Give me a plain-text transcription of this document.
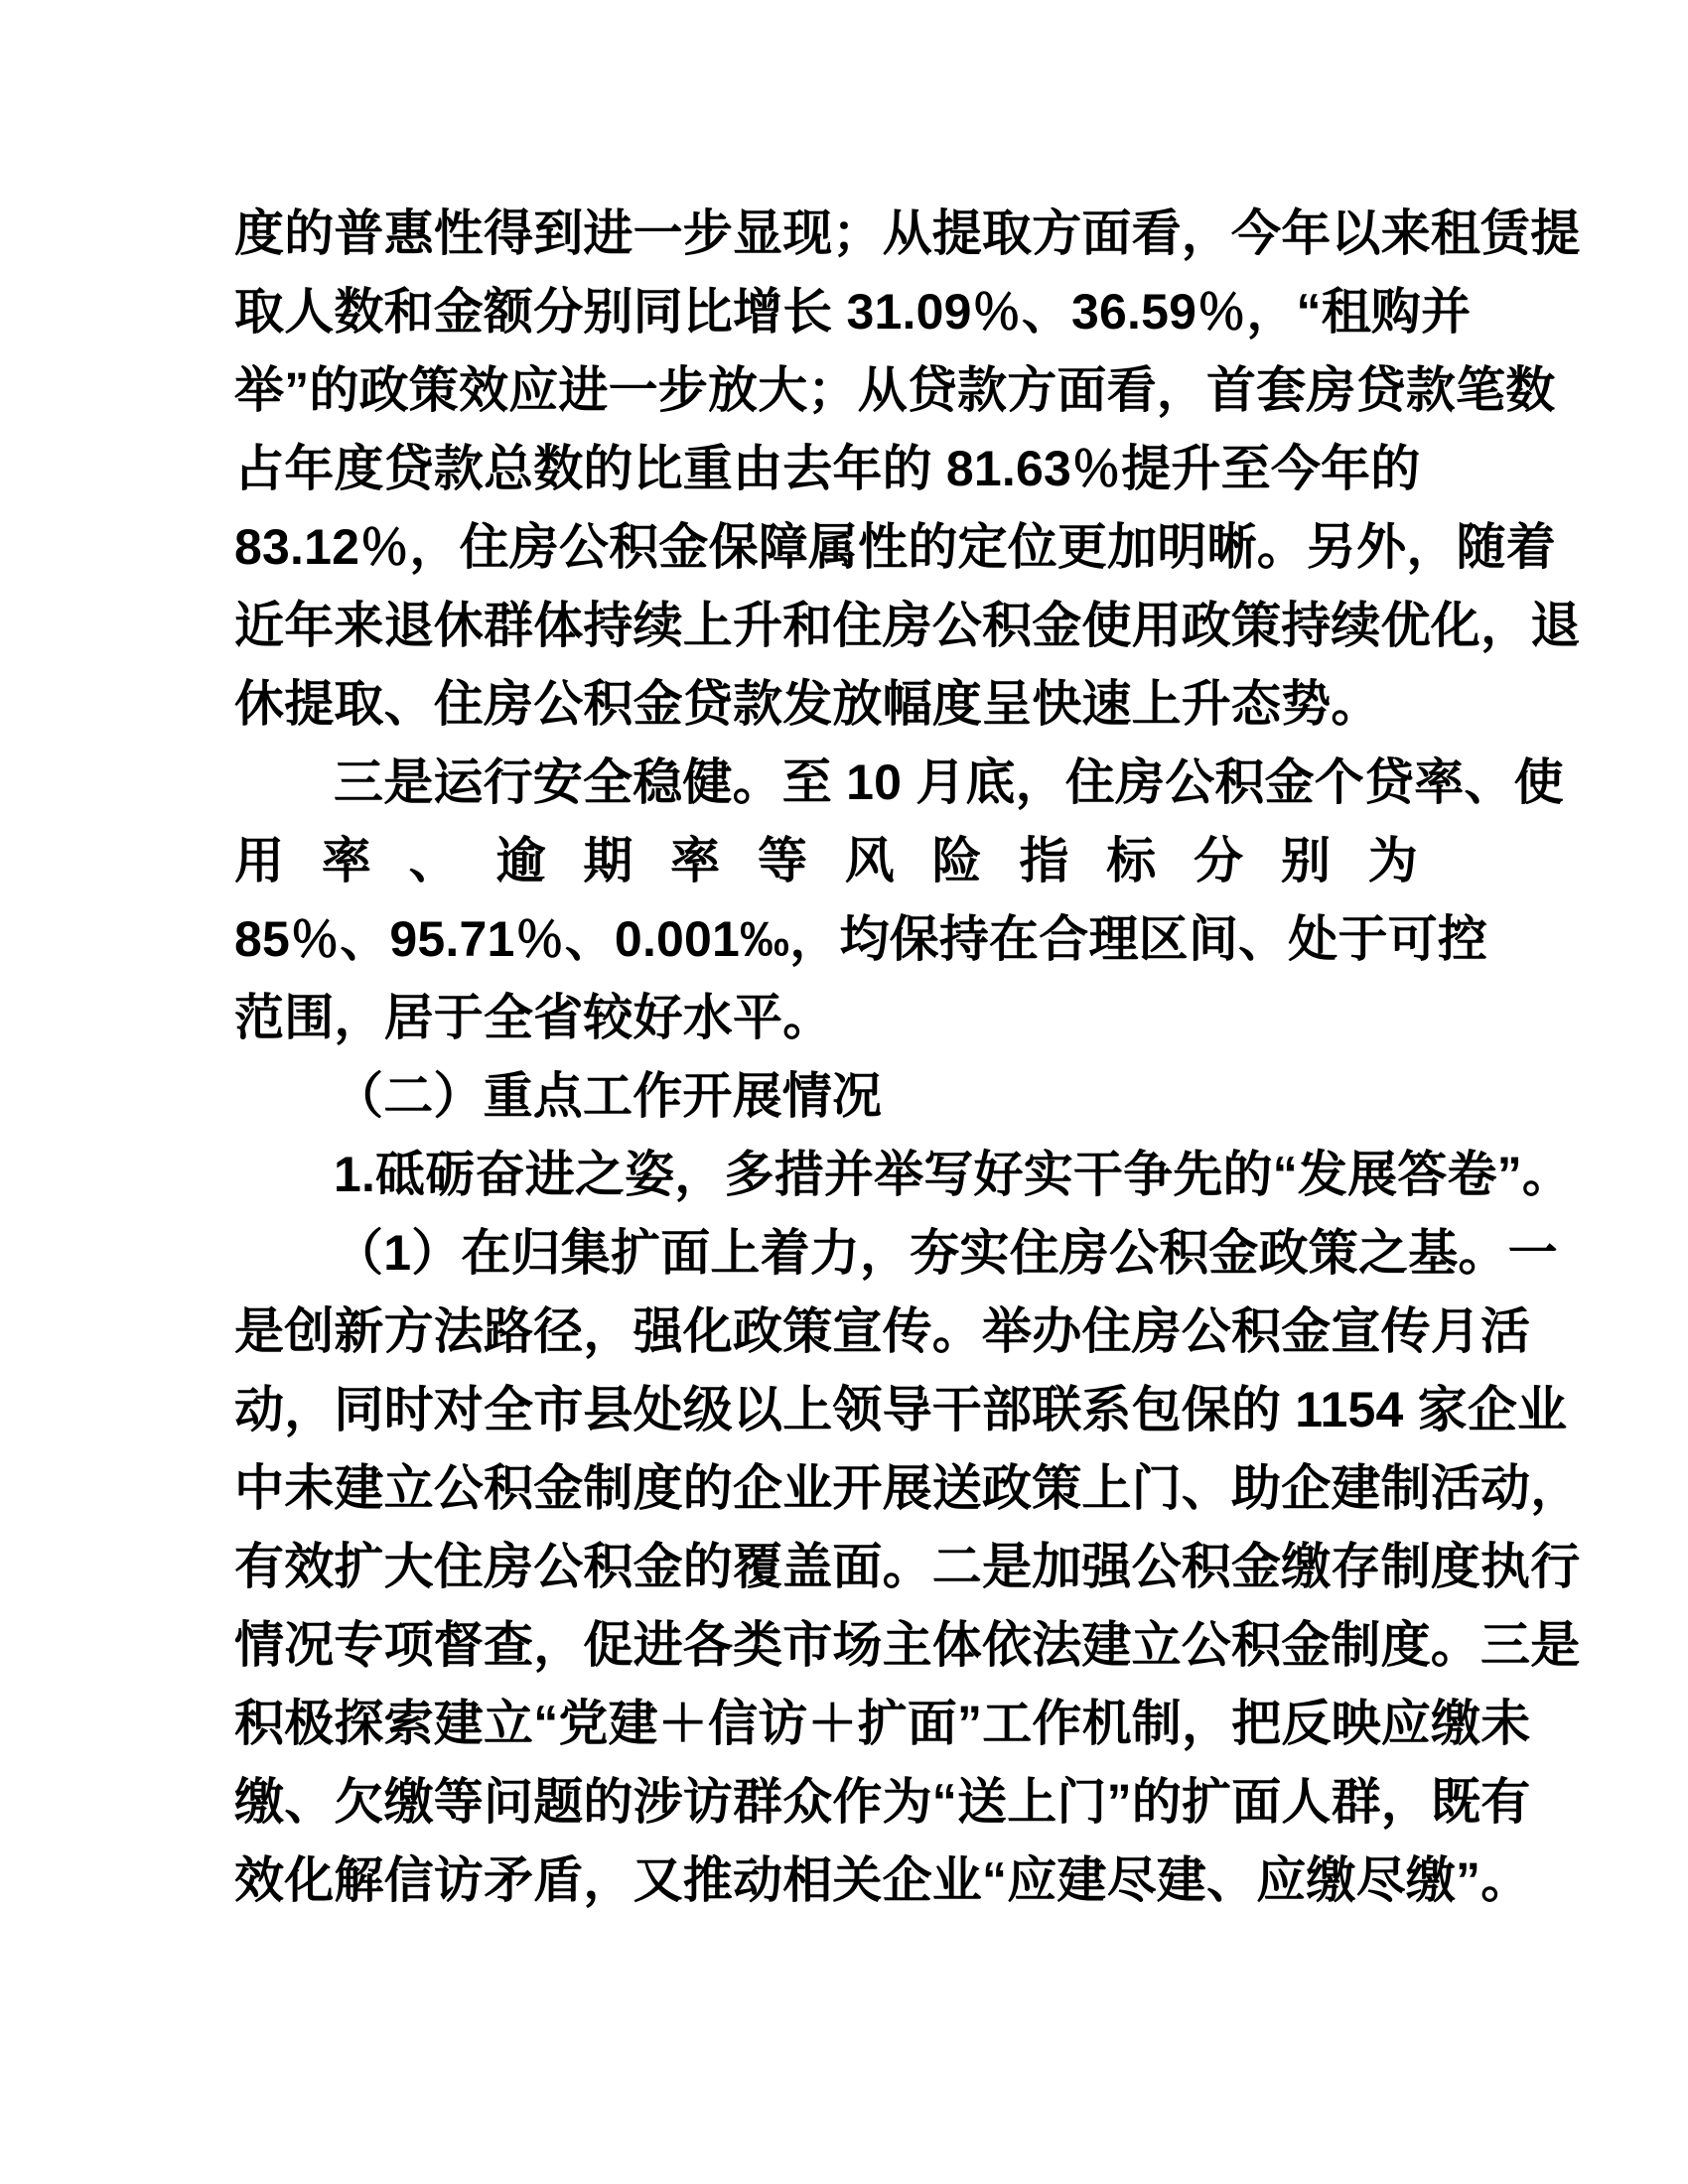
度的普惠性得到进一步显现；从提取方面看，今年以来租赁提
取人数和金额分别同比增长 31.09％、36.59％，“租购并
举”的政策效应进一步放大；从贷款方面看，首套房贷款笔数
占年度贷款总数的比重由去年的 81.63％提升至今年的
83.12％，住房公积金保障属性的定位更加明晰。另外，随着
近年来退休群体持续上升和住房公积金使用政策持续优化，退
休提取、住房公积金贷款发放幅度呈快速上升态势。
三是运行安全稳健。至 10 月底，住房公积金个贷率、使
用 率 、 逾 期 率 等 风 险 指 标 分 别 为
85％、95.71％、0.001‰，均保持在合理区间、处于可控
范围，居于全省较好水平。
（二）重点工作开展情况
1.砥砺奋进之姿，多措并举写好实干争先的“发展答卷”。
（1）在归集扩面上着力，夯实住房公积金政策之基。一
是创新方法路径，强化政策宣传。举办住房公积金宣传月活
动，同时对全市县处级以上领导干部联系包保的 1154 家企业
中未建立公积金制度的企业开展送政策上门、助企建制活动，
有效扩大住房公积金的覆盖面。二是加强公积金缴存制度执行
情况专项督查，促进各类市场主体依法建立公积金制度。三是
积极探索建立“党建＋信访＋扩面”工作机制，把反映应缴未
缴、欠缴等问题的涉访群众作为“送上门”的扩面人群，既有
效化解信访矛盾，又推动相关企业“应建尽建、应缴尽缴”。
